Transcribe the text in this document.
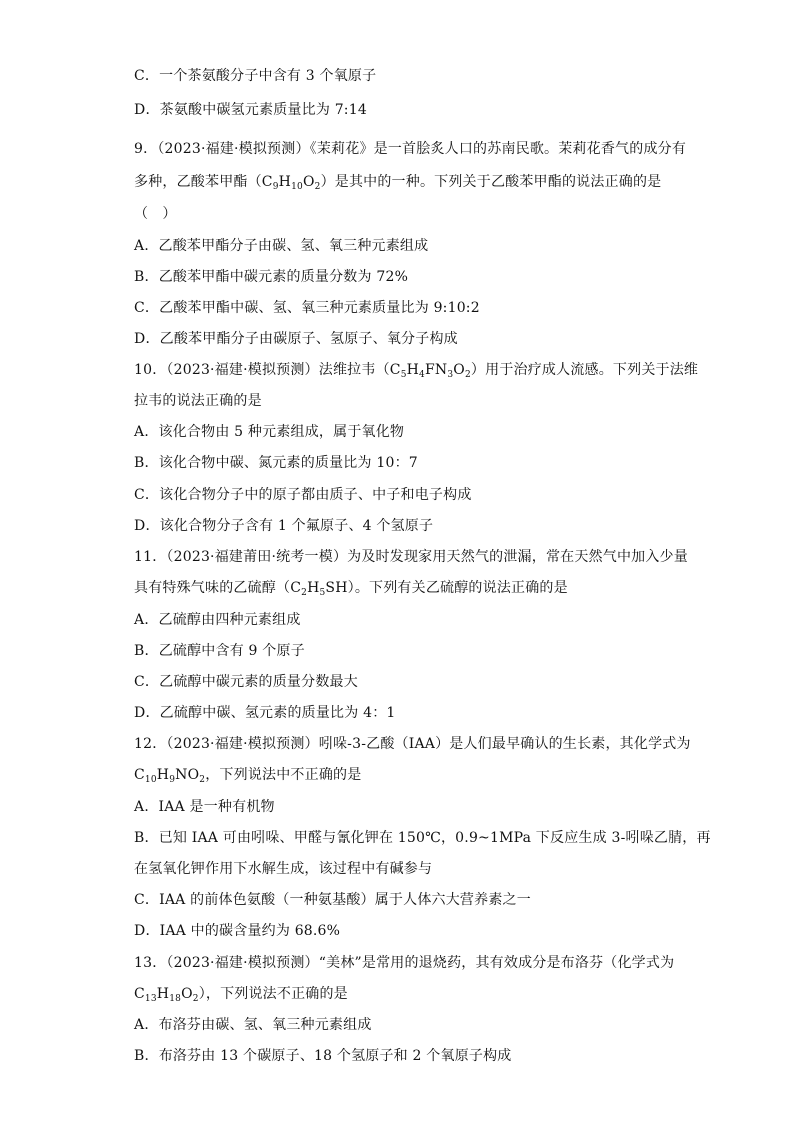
C．一个茶氨酸分子中含有 3 个氧原子
D．茶氨酸中碳氢元素质量比为 7:14
9．（2023·福建·模拟预测）《茉莉花》是一首脍炙人口的苏南民歌。茉莉花香气的成分有
多种，乙酸苯甲酯$(C_9H_{10}O_2)$是其中的一种。下列关于乙酸苯甲酯的说法正确的是
（　）
A．乙酸苯甲酯分子由碳、氢、氧三种元素组成
B．乙酸苯甲酯中碳元素的质量分数为 72%
C．乙酸苯甲酯中碳、氢、氧三种元素质量比为 9:10:2
D．乙酸苯甲酯分子由碳原子、氢原子、氧分子构成
10．（2023·福建·模拟预测）法维拉韦$(C_5H_4FN_3O_2)$用于治疗成人流感。下列关于法维
拉韦的说法正确的是
A．该化合物由 5 种元素组成，属于氧化物
B．该化合物中碳、氮元素的质量比为 10：7
C．该化合物分子中的原子都由质子、中子和电子构成
D．该化合物分子含有 1 个氟原子、4 个氢原子
11．（2023·福建莆田·统考一模）为及时发现家用天然气的泄漏，常在天然气中加入少量
具有特殊气味的乙硫醇$(C_2H_5SH)$。下列有关乙硫醇的说法正确的是
A．乙硫醇由四种元素组成
B．乙硫醇中含有 9 个原子
C．乙硫醇中碳元素的质量分数最大
D．乙硫醇中碳、氢元素的质量比为 4：1
12．（2023·福建·模拟预测）吲哚-3-乙酸（IAA）是人们最早确认的生长素，其化学式为
$C_{10}H_9NO_2$，下列说法中不正确的是
A．IAA 是一种有机物
B．已知 IAA 可由吲哚、甲醛与氰化钾在 150℃，0.9~1MPa 下反应生成 3-吲哚乙腈，再
在氢氧化钾作用下水解生成，该过程中有碱参与
C．IAA 的前体色氨酸（一种氨基酸）属于人体六大营养素之一
D．IAA 中的碳含量约为 68.6%
13．（2023·福建·模拟预测）“美林”是常用的退烧药，其有效成分是布洛芬（化学式为
$C_{13}H_{18}O_2$），下列说法不正确的是
A．布洛芬由碳、氢、氧三种元素组成
B．布洛芬由 13 个碳原子、18 个氢原子和 2 个氧原子构成
